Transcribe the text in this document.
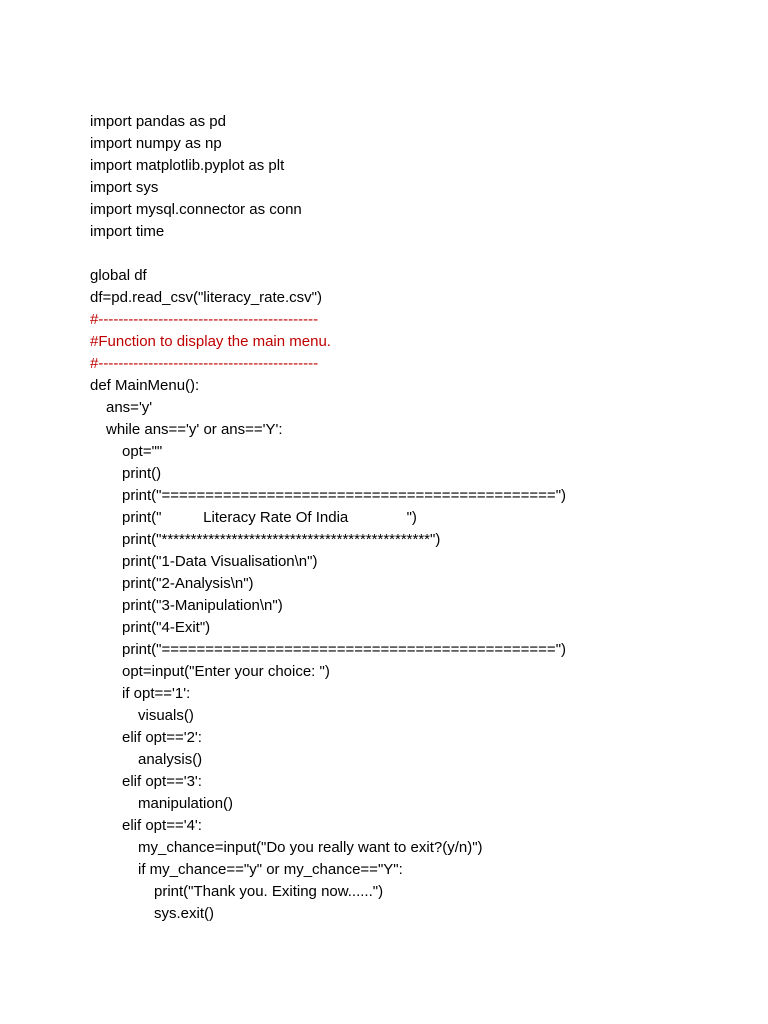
import pandas as pd
import numpy as np
import matplotlib.pyplot as plt
import sys
import mysql.connector as conn
import time
global df
df=pd.read_csv("literacy_rate.csv")
#--------------------------------------------
#Function to display the main menu.
#--------------------------------------------
def MainMenu():
ans='y'
while ans=='y' or ans=='Y':
opt=""
print()
print("=============================================")
print("          Literacy Rate Of India              ")
print("**********************************************")
print("1-Data Visualisation\n")
print("2-Analysis\n")
print("3-Manipulation\n")
print("4-Exit")
print("=============================================")
opt=input("Enter your choice: ")
if opt=='1':
visuals()
elif opt=='2':
analysis()
elif opt=='3':
manipulation()
elif opt=='4':
my_chance=input("Do you really want to exit?(y/n)")
if my_chance=="y" or my_chance=="Y":
print("Thank you. Exiting now......")
sys.exit()
